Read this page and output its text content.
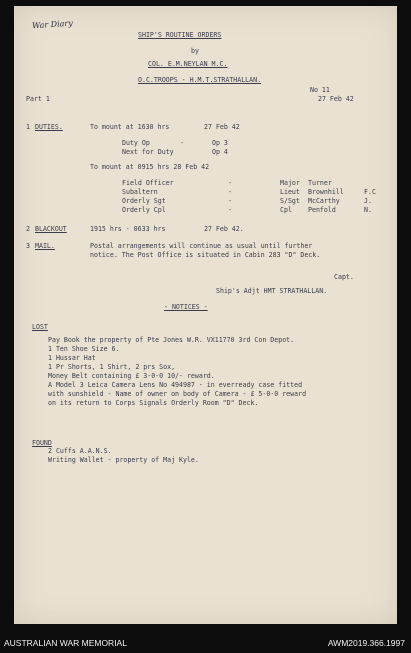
War Diary
SHIP'S ROUTINE ORDERS
by
COL. E.M.NEYLAN M.C.
O.C.TROOPS - H.M.T.STRATHALLAN.
No 11
Part 1	27 Feb 42
1 DUTIES.	To mount at 1630 hrs	27 Feb 42
Duty Op	-	Op 3
Next for Duty	Op 4
To mount at 0915 hrs 28 Feb 42
Field Officer	-	Major Turner
Subaltern	-	Lieut Brownhill	F.C
Orderly Sgt	-	S/Sgt McCarthy	J.
Orderly Cpl	-	Cpl Penfold	N.
2 BLACKOUT	1915 hrs - 0633 hrs	27 Feb 42.
3 MAIL.	Postal arrangements will continue as usual until further
notice. The Post Office is situated in Cabin 283 "D" Deck.
Capt.
Ship's Adjt HMT STRATHALLAN.
- NOTICES -
LOST
Pay Book the property of Pte Jones W.R. VX11770 3rd Con Depot.
1 Ten Shoe Size 6.
1 Hussar Hat
1 Pr Shorts, 1 Shirt, 2 prs Sox,
Money Belt containing £ 3-0-0 10/- reward.
A Model 3 Leica Camera Lens No 494987 - in everready case fitted
with sunshield - Name of owner on body of Camera - £ 5-0-0 reward
on its return to Corps Signals Orderly Room "D" Deck.
FOUND
2 Cuffs A.A.N.S.
Writing Wallet - property of Maj Kyle.
AUSTRALIAN WAR MEMORIAL	AWM2019.366.1997
